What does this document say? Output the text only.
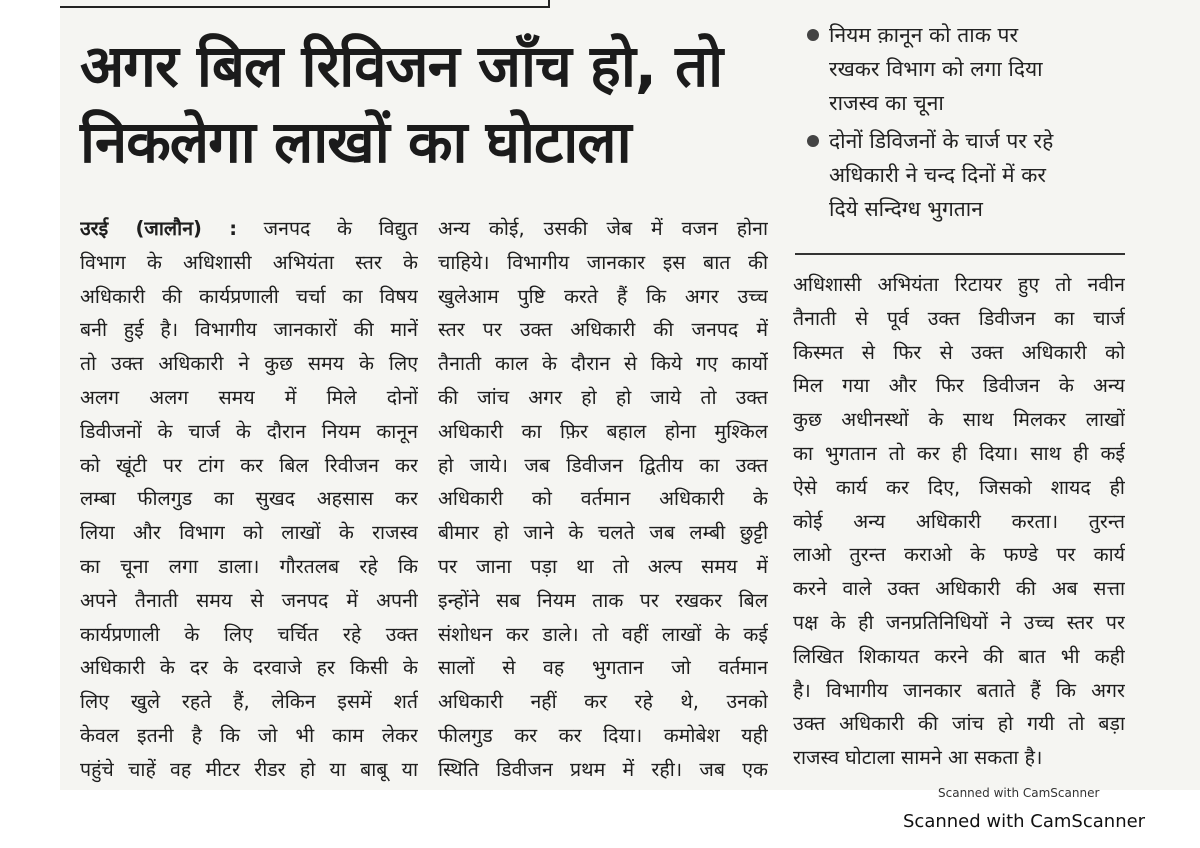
अगर बिल रिविजन जाँच हो, तो
निकलेगा लाखों का घोटाला
नियम क़ानून को ताक पर
रखकर विभाग को लगा दिया
राजस्व का चूना
दोनों डिविजनों के चार्ज पर रहे
अधिकारी ने चन्द दिनों में कर
दिये सन्दिग्ध भुगतान
उरई (जालौन) : जनपद के विद्युत
विभाग के अधिशासी अभियंता स्तर के
अधिकारी की कार्यप्रणाली चर्चा का विषय
बनी हुई है। विभागीय जानकारों की मानें
तो उक्त अधिकारी ने कुछ समय के लिए
अलग अलग समय में मिले दोनों
डिवीजनों के चार्ज के दौरान नियम कानून
को खूंटी पर टांग कर बिल रिवीजन कर
लम्बा फीलगुड का सुखद अहसास कर
लिया और विभाग को लाखों के राजस्व
का चूना लगा डाला। गौरतलब रहे कि
अपने तैनाती समय से जनपद में अपनी
कार्यप्रणाली के लिए चर्चित रहे उक्त
अधिकारी के दर के दरवाजे हर किसी के
लिए खुले रहते हैं, लेकिन इसमें शर्त
केवल इतनी है कि जो भी काम लेकर
पहुंचे चाहें वह मीटर रीडर हो या बाबू या
अन्य कोई, उसकी जेब में वजन होना
चाहिये। विभागीय जानकार इस बात की
खुलेआम पुष्टि करते हैं कि अगर उच्च
स्तर पर उक्त अधिकारी की जनपद में
तैनाती काल के दौरान से किये गए कार्यो
की जांच अगर हो हो जाये तो उक्त
अधिकारी का फ़िर बहाल होना मुश्किल
हो जाये। जब डिवीजन द्वितीय का उक्त
अधिकारी को वर्तमान अधिकारी के
बीमार हो जाने के चलते जब लम्बी छुट्टी
पर जाना पड़ा था तो अल्प समय में
इन्होंने सब नियम ताक पर रखकर बिल
संशोधन कर डाले। तो वहीं लाखों के कई
सालों से वह भुगतान जो वर्तमान
अधिकारी नहीं कर रहे थे, उनको
फीलगुड कर कर दिया। कमोबेश यही
स्थिति डिवीजन प्रथम में रही। जब एक
अधिशासी अभियंता रिटायर हुए तो नवीन
तैनाती से पूर्व उक्त डिवीजन का चार्ज
किस्मत से फिर से उक्त अधिकारी को
मिल गया और फिर डिवीजन के अन्य
कुछ अधीनस्थों के साथ मिलकर लाखों
का भुगतान तो कर ही दिया। साथ ही कई
ऐसे कार्य कर दिए, जिसको शायद ही
कोई अन्य अधिकारी करता। तुरन्त
लाओ तुरन्त कराओ के फण्डे पर कार्य
करने वाले उक्त अधिकारी की अब सत्ता
पक्ष के ही जनप्रतिनिधियों ने उच्च स्तर पर
लिखित शिकायत करने की बात भी कही
है। विभागीय जानकार बताते हैं कि अगर
उक्त अधिकारी की जांच हो गयी तो बड़ा
राजस्व घोटाला सामने आ सकता है।
Scanned with CamScanner
Scanned with CamScanner
